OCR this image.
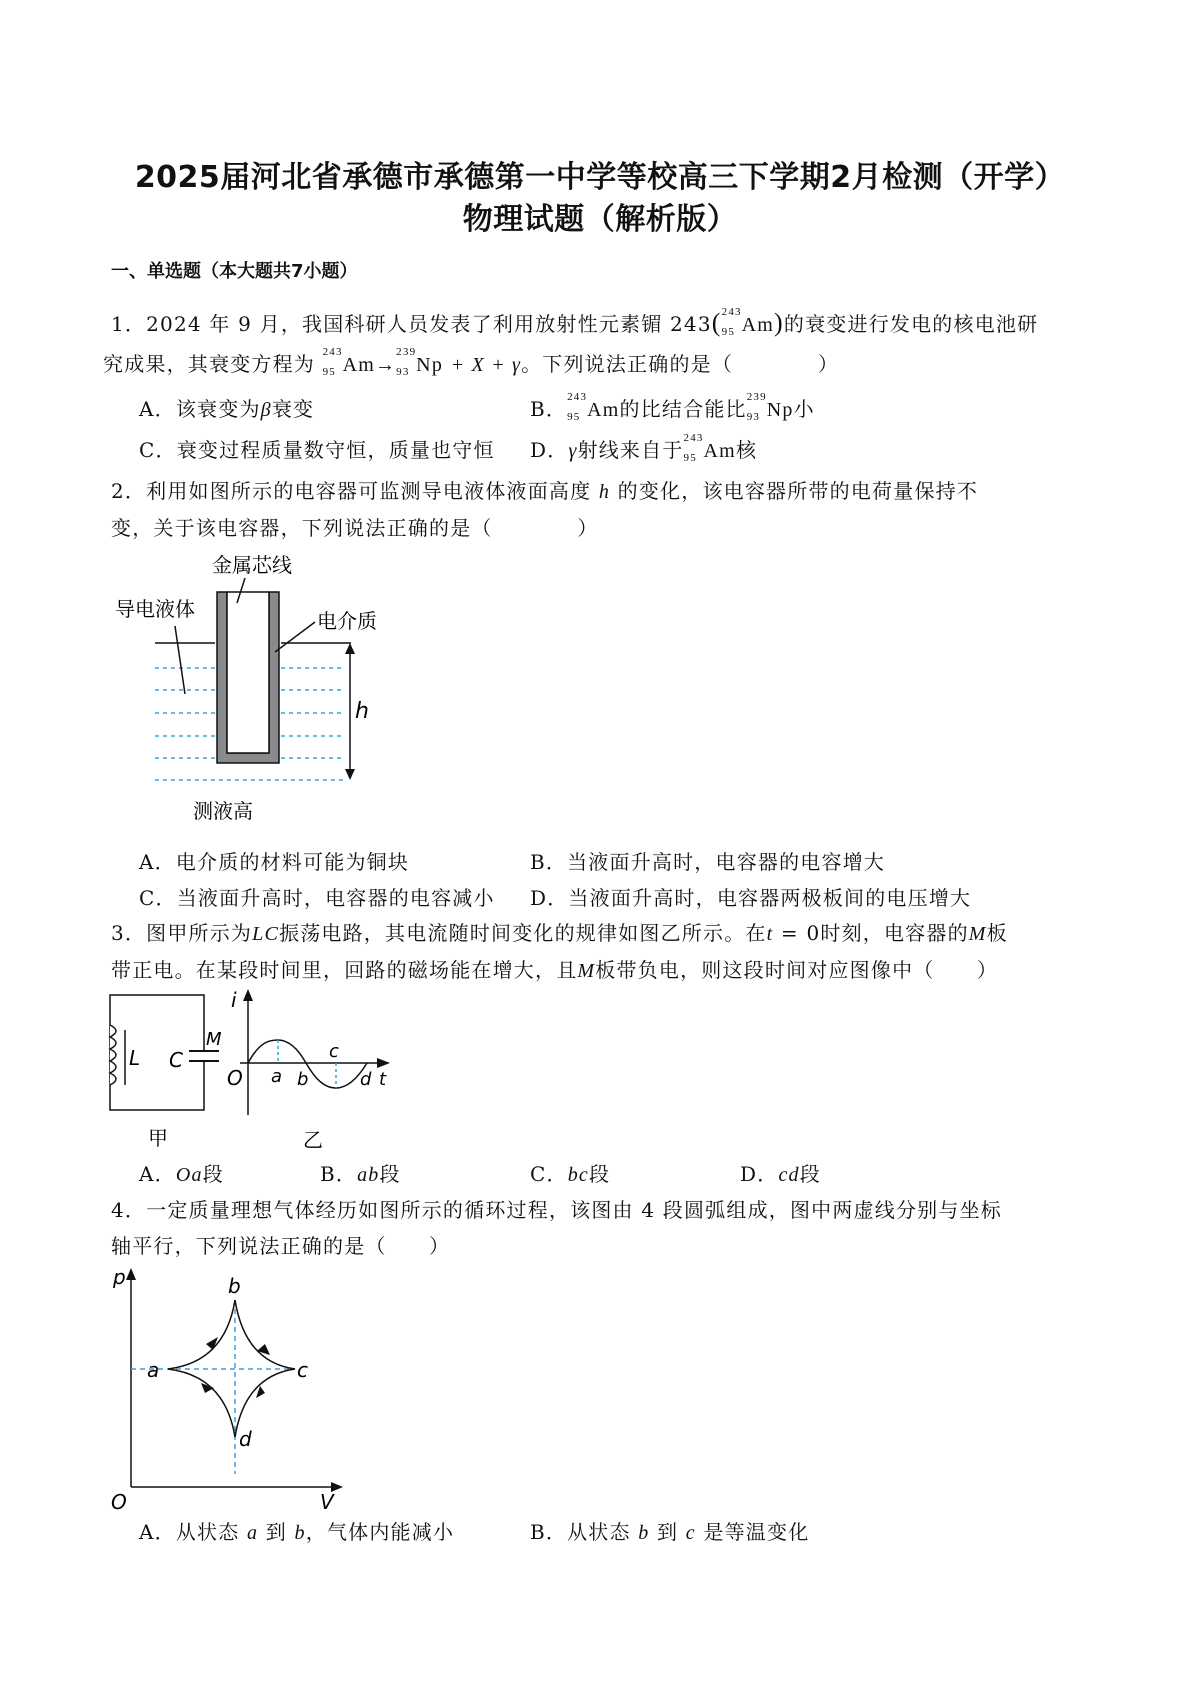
2025届河北省承德市承德第一中学等校高三下学期2月检测（开学）
物理试题（解析版）
一、单选题（本大题共7小题）
1．2024 年 9 月，我国科研人员发表了利用放射性元素镅 243( 243
95 Am)的衰变进行发电的核电池研
究成果，其衰变方程为 243
95 Am→
239
93 Np + X + γ。下列说法正确的是（　　　　）
A．该衰变为β衰变	B． 243
95 Am的比结合能比 239
93 Np小
C．衰变过程质量数守恒，质量也守恒 D．γ射线来自于 243
95 Am核
2．利用如图所示的电容器可监测导电液体液面高度 h 的变化，该电容器所带的电荷量保持不
变，关于该电容器，下列说法正确的是（　　　　）
金属芯线
导电液体	电介质
测液高
h
A．电介质的材料可能为铜块	B．当液面升高时，电容器的电容增大
C．当液面升高时，电容器的电容减小 D．当液面升高时，电容器两极板间的电压增大
3．图甲所示为LC振荡电路，其电流随时间变化的规律如图乙所示。在t = 0时刻，电容器的M板
带正电。在某段时间里，回路的磁场能在增大，且M板带负电，则这段时间对应图像中（　　）
L C
M
甲
i
O a b
c
d t
乙
A．Oa段	B．ab段	C．bc段	D．cd段
4．一定质量理想气体经历如图所示的循环过程，该图由 4 段圆弧组成，图中两虚线分别与坐标
轴平行，下列说法正确的是（　　）
p
V
O
b
a	c
d
A．从状态 a 到 b，气体内能减小	B．从状态 b 到 c 是等温变化
